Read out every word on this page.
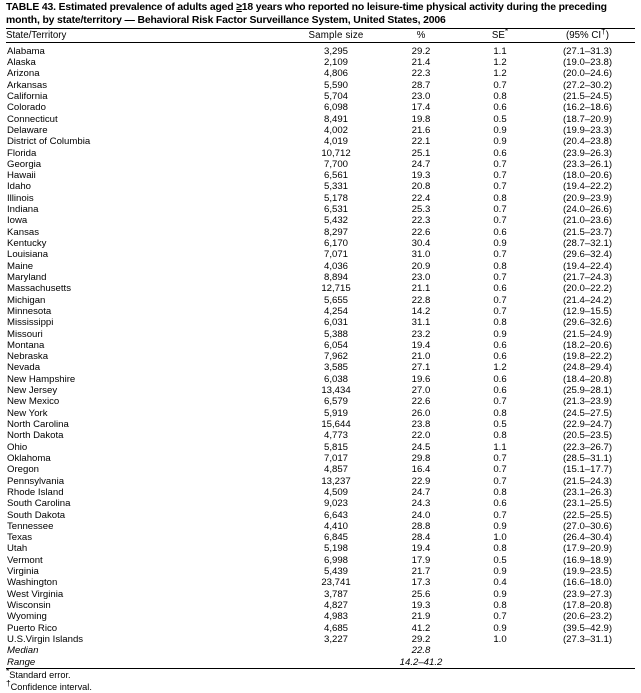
TABLE 43. Estimated prevalence of adults aged ≥18 years who reported no leisure-time physical activity during the preceding month, by state/territory — Behavioral Risk Factor Surveillance System, United States, 2006
State/Territory	Sample size	%	SE*	(95% CI†)
Alabama	3,295	29.2	1.1	(27.1–31.3)
Alaska	2,109	21.4	1.2	(19.0–23.8)
Arizona	4,806	22.3	1.2	(20.0–24.6)
Arkansas	5,590	28.7	0.7	(27.2–30.2)
California	5,704	23.0	0.8	(21.5–24.5)
Colorado	6,098	17.4	0.6	(16.2–18.6)
Connecticut	8,491	19.8	0.5	(18.7–20.9)
Delaware	4,002	21.6	0.9	(19.9–23.3)
District of Columbia	4,019	22.1	0.9	(20.4–23.8)
Florida	10,712	25.1	0.6	(23.9–26.3)
Georgia	7,700	24.7	0.7	(23.3–26.1)
Hawaii	6,561	19.3	0.7	(18.0–20.6)
Idaho	5,331	20.8	0.7	(19.4–22.2)
Illinois	5,178	22.4	0.8	(20.9–23.9)
Indiana	6,531	25.3	0.7	(24.0–26.6)
Iowa	5,432	22.3	0.7	(21.0–23.6)
Kansas	8,297	22.6	0.6	(21.5–23.7)
Kentucky	6,170	30.4	0.9	(28.7–32.1)
Louisiana	7,071	31.0	0.7	(29.6–32.4)
Maine	4,036	20.9	0.8	(19.4–22.4)
Maryland	8,894	23.0	0.7	(21.7–24.3)
Massachusetts	12,715	21.1	0.6	(20.0–22.2)
Michigan	5,655	22.8	0.7	(21.4–24.2)
Minnesota	4,254	14.2	0.7	(12.9–15.5)
Mississippi	6,031	31.1	0.8	(29.6–32.6)
Missouri	5,388	23.2	0.9	(21.5–24.9)
Montana	6,054	19.4	0.6	(18.2–20.6)
Nebraska	7,962	21.0	0.6	(19.8–22.2)
Nevada	3,585	27.1	1.2	(24.8–29.4)
New Hampshire	6,038	19.6	0.6	(18.4–20.8)
New Jersey	13,434	27.0	0.6	(25.9–28.1)
New Mexico	6,579	22.6	0.7	(21.3–23.9)
New York	5,919	26.0	0.8	(24.5–27.5)
North Carolina	15,644	23.8	0.5	(22.9–24.7)
North Dakota	4,773	22.0	0.8	(20.5–23.5)
Ohio	5,815	24.5	1.1	(22.3–26.7)
Oklahoma	7,017	29.8	0.7	(28.5–31.1)
Oregon	4,857	16.4	0.7	(15.1–17.7)
Pennsylvania	13,237	22.9	0.7	(21.5–24.3)
Rhode Island	4,509	24.7	0.8	(23.1–26.3)
South Carolina	9,023	24.3	0.6	(23.1–25.5)
South Dakota	6,643	24.0	0.7	(22.5–25.5)
Tennessee	4,410	28.8	0.9	(27.0–30.6)
Texas	6,845	28.4	1.0	(26.4–30.4)
Utah	5,198	19.4	0.8	(17.9–20.9)
Vermont	6,998	17.9	0.5	(16.9–18.9)
Virginia	5,439	21.7	0.9	(19.9–23.5)
Washington	23,741	17.3	0.4	(16.6–18.0)
West Virginia	3,787	25.6	0.9	(23.9–27.3)
Wisconsin	4,827	19.3	0.8	(17.8–20.8)
Wyoming	4,983	21.9	0.7	(20.6–23.2)
Puerto Rico	4,685	41.2	0.9	(39.5–42.9)
U.S.Virgin Islands	3,227	29.2	1.0	(27.3–31.1)
Median		22.8		
Range		14.2–41.2		
*Standard error.
†Confidence interval.
